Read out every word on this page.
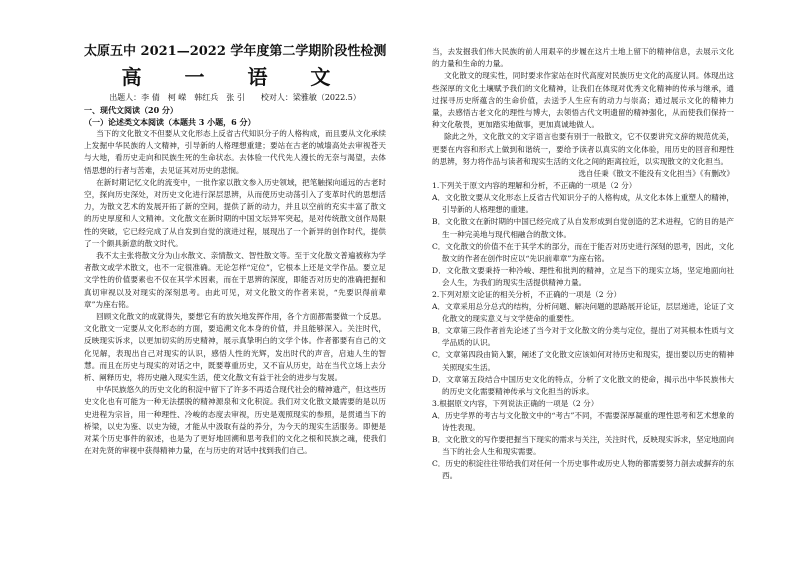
太原五中 2021—2022 学年度第二学期阶段性检测
高 一 语 文
出题人：李 倩　柯 嵘　韩红兵　张 引　　校对人：梁雅敏（2022.5）
一、现代文阅读（20 分）
（一）论述类文本阅读（本题共 3 小题，6 分）

当下的文化散文不但要从文化形态上反省古代知识分子的人格构成，而且要从文化承续上发掘中华民族的人文精神，引导新的人格理想重建；要站在古老的城墙高处去审视苍天与大地，看历史走向和民族生死的生命状态。去体验一代代先人漫长的无奈与渴望，去体悟思想的行者与苦难，去见证其对历史的悲悯。

在新时期记忆文化的流变中，一批作家以散文参入历史领域，把笔触探向遥远的古老时空，探向历史深处，对历史文化进行深层思辨，从而使历史动荡引入了变革时代的思想活力，为散文艺术的发展开拓了新的空间，提供了新的动力，并且以空前的充实丰富了散文的历史厚度和人文精神。文化散文在新时期的中国文坛异军突起，是对传统散文创作局限性的突破，它已经完成了从自发到自觉的演进过程，展现出了一个新异的创作时代，提供了一个颇具新意的散文时代。

我不太主张将散文分为山水散文、亲情散文、智性散文等。至于文化散文普遍被称为学者散文或学术散文，也不一定很准确。无论怎样“定位”，它根本上还是文学作品。要立足文学性的价值要素也不仅在其学术因素，而在于思辨的深度，即能否对历史的准确把握和真切审视以及对现实的深刻思考。由此可见，对文化散文的作者来说，“先要识得前辈章”为座右铭。

回顾文化散文的成就得失，要想它有的放矢地发挥作用，各个方面都需要做一个反思。文化散文一定要从文化形态的方面，要追溯文化本身的价值，并且能够深入。关注时代，反映现实诉求，以更加切实的历史精神，展示真挚明白的文学个体。作者都要有自己的文化见解，表现出自己对现实的认识，感悟人性的光辉，发出时代的声音，启迪人生的智慧。而且在历史与现实的对话之中，既要尊重历史，又不盲从历史，站在当代立场上去分析、阐释历史，将历史融入现实生活，使文化散文有益于社会的进步与发展。

中华民族悠久的历史文化的积淀中留下了许多不再适合现代社会的精神遗产，但这些历史文化也有可能为一种无法摆脱的精神源泉和文化积淀。我们对文化散文最需要的是以历史进程为宗旨，用一种理性、冷峻的态度去审视，历史是观照现实的参照，是贯通当下的桥梁，以史为鉴、以史为镜，才能从中汲取有益的养分，为今天的现实生活服务。即便是对某个历史事件的叙述，也是为了更好地回溯和思考我们的文化之根和民族之魂，使我们在对先贤的审视中获得精神力量，在与历史的对话中找到我们自己。

当，去发掘我们伟大民族的前人用艰辛的步履在这片土地上留下的精神信息，去展示文化的力量和生命的力量。

文化散文的现实性，同时要求作家站在时代高度对民族历史文化的高度认同。体现出这些深厚的文化土壤赋予我们的文化精神，让我们在体现对优秀文化精神的传承与继承，通过探寻历史所蕴含的生命价值，去送予人生应有的动力与崇高；通过展示文化的精神力量，去感悟古老文化的理性与博大，去领悟古代文明遗留的精神强化，从而使我们保持一种文化敬畏，更加踏实地做事，更加真诚地做人。

除此之外，文化散文的文字语言也要有别于一般散文，它不仅要讲究文辞的规范优美，更要在内容和形式上做到和谐统一，要给予读者以真实的文化体验，用历史的回音和理性的思辨，努力将作品与读者和现实生活的文化之间的距离拉近，以实现散文的文化担当。

选自任秉《散文不能没有文化担当》《有删改》

1.下列关于原文内容的理解和分析，不正确的一项是（2 分）

A．文化散文要从文化形态上反省古代知识分子的人格构成，从文化本体上重塑人的精神，引导新的人格理想的重建。

B．文化散文在新时期的中国已经完成了从自发形成到自觉创造的艺术进程，它的目的是产生一种完美地与现代相融合的散文体。

C．文化散文的价值不在于其学术的部分，而在于能否对历史进行深刻的思考，因此，文化散文的作者在创作时应以“先识前辈章”为座右铭。

D．文化散文要秉持一种冷峻、理性和批判的精神，立足当下的现实立场，坚定地面向社会人生，为我们的现实生活提供精神力量。

2.下列对原文论证的相关分析，不正确的一项是（2 分）

A．文章采用总分总式的结构，分析问题、解决问题的思路展开论证，层层递进，论证了文化散文的现实意义与文学使命的重要性。

B．文章第三段作者首先论述了当今对于文化散文的分类与定位，提出了对其根本性质与文学品质的认识。

C．文章第四段由简入繁，阐述了文化散文应该如何对待历史和现实，提出要以历史的精神关照现实生活。

D．文章第五段结合中国历史文化的特点，分析了文化散文的使命，揭示出中华民族伟大的历史文化需要精神传承与文化担当的诉求。

3.根据原文内容，下列说法正确的一项是（2 分）

A．历史学界的考古与文化散文中的“考古”不同，不需要深厚凝重的理性思考和艺术想象的诗性表现。

B．文化散文的写作要把握当下现实的需求与关注，关注时代，反映现实诉求，坚定地面向当下的社会人生和现实需要。

C．历史的积淀往往带给我们对任何一个历史事件或历史人物的都需要努力剖去或摒弃的东西。
